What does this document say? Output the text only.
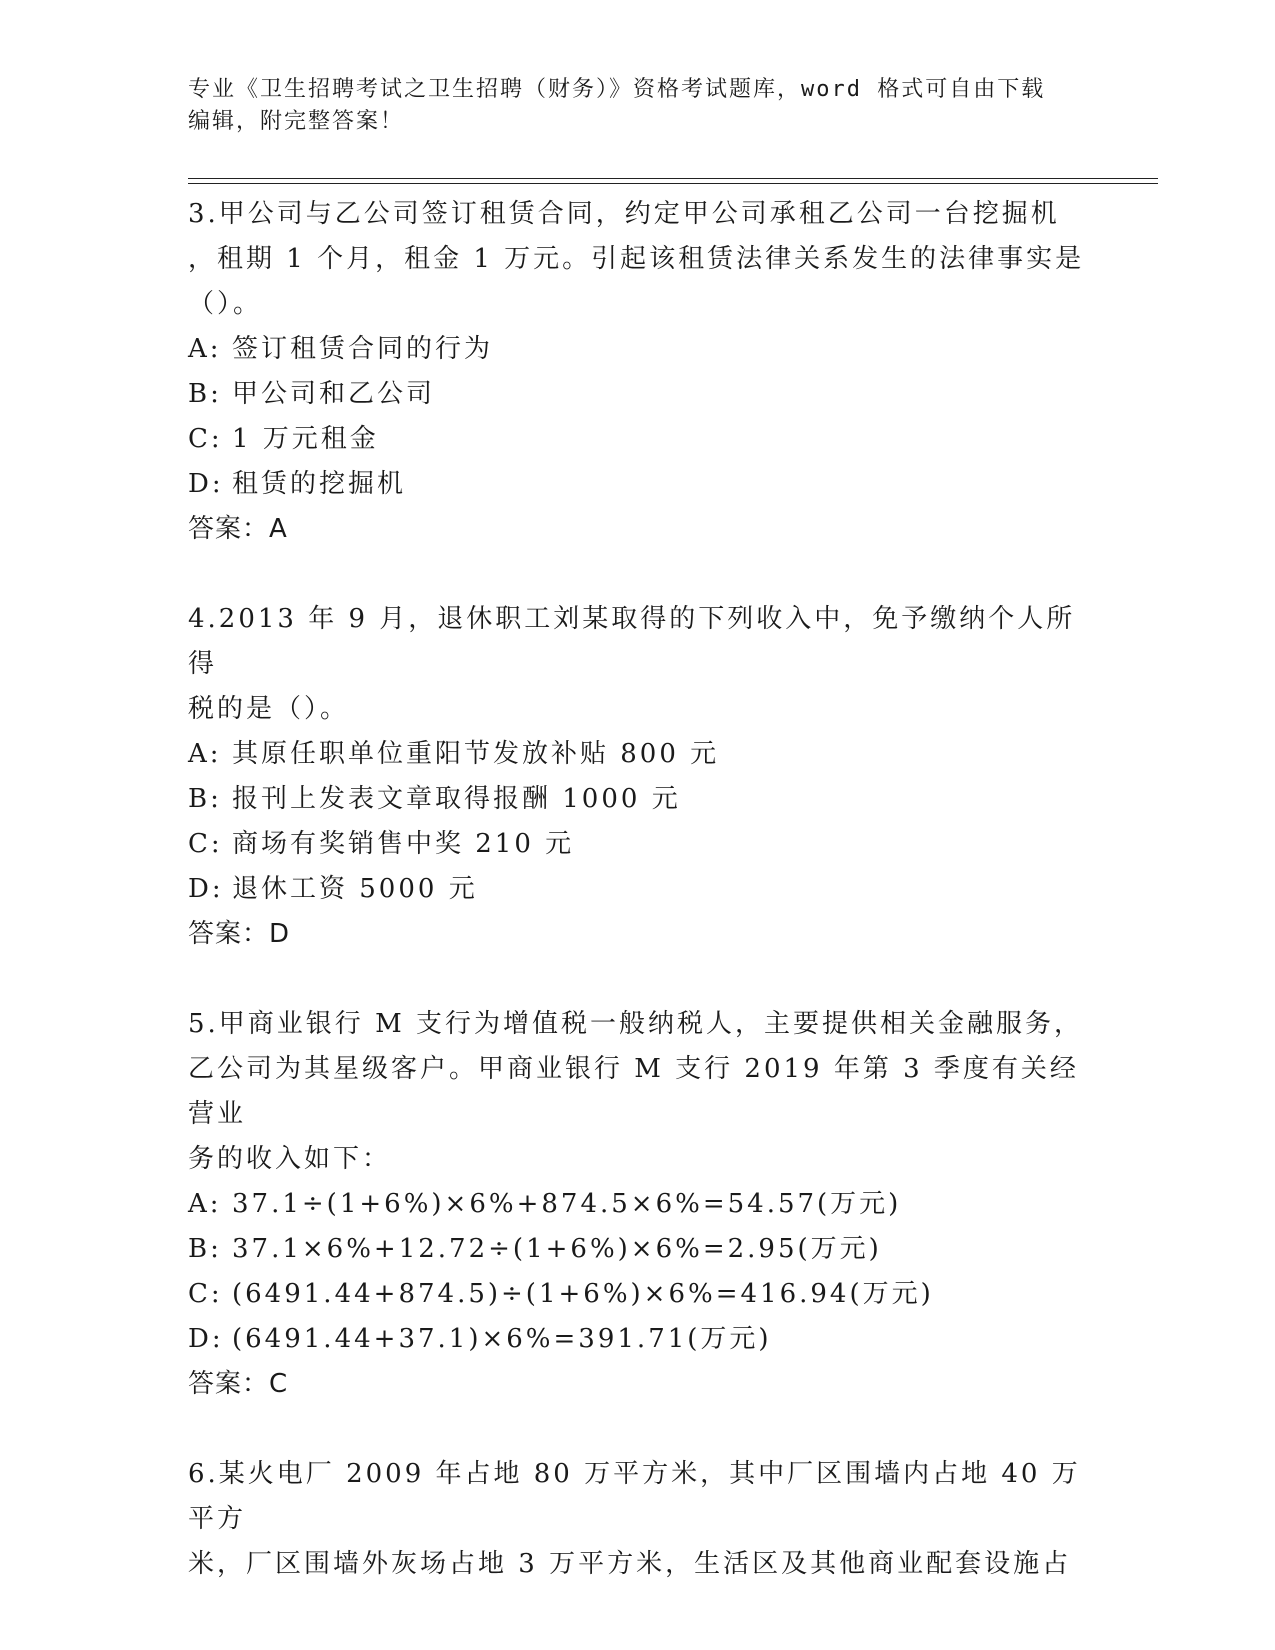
专业《卫生招聘考试之卫生招聘（财务）》资格考试题库，word 格式可自由下载
编辑，附完整答案！

3.甲公司与乙公司签订租赁合同，约定甲公司承租乙公司一台挖掘机

，租期 1 个月，租金 1 万元。引起该租赁法律关系发生的法律事实是

（）。

A: 签订租赁合同的行为

B: 甲公司和乙公司

C: 1 万元租金

D: 租赁的挖掘机

答案：A

4.2013 年 9 月，退休职工刘某取得的下列收入中，免予缴纳个人所得

税的是（）。

A: 其原任职单位重阳节发放补贴 800 元

B: 报刊上发表文章取得报酬 1000 元

C: 商场有奖销售中奖 210 元

D: 退休工资 5000 元

答案：D

5.甲商业银行 M 支行为增值税一般纳税人，主要提供相关金融服务，

乙公司为其星级客户。甲商业银行 M 支行 2019 年第 3 季度有关经营业

务的收入如下：

A: 37.1÷(1+6%)×6%+874.5×6%=54.57(万元)

B: 37.1×6%+12.72÷(1+6%)×6%=2.95(万元)

C: (6491.44+874.5)÷(1+6%)×6%=416.94(万元)

D: (6491.44+37.1)×6%=391.71(万元)

答案：C

6.某火电厂 2009 年占地 80 万平方米，其中厂区围墙内占地 40 万平方

米，厂区围墙外灰场占地 3 万平方米，生活区及其他商业配套设施占
